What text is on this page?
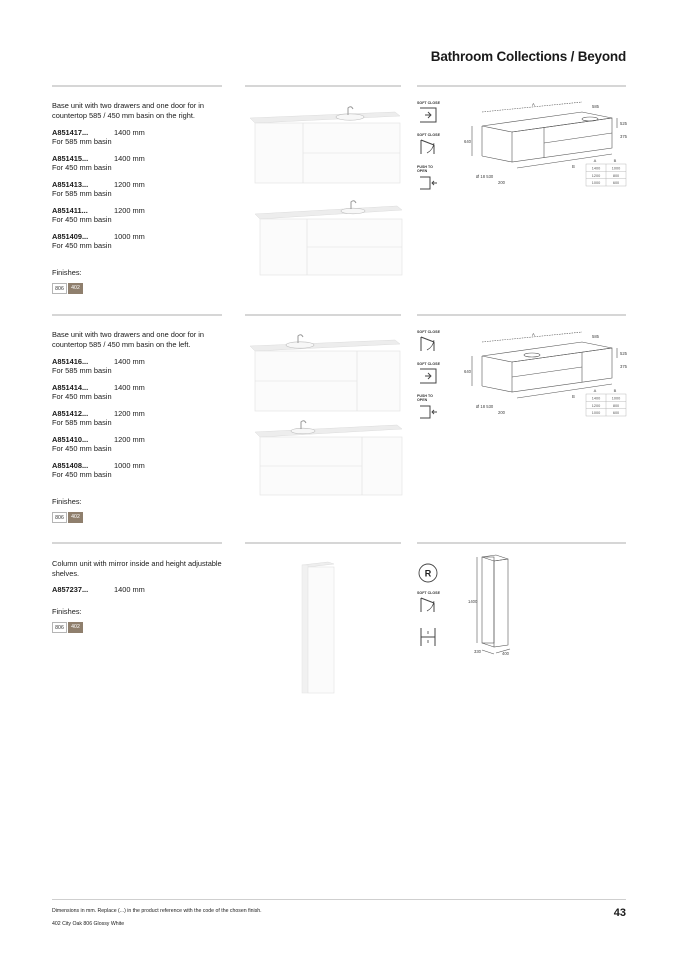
Bathroom Collections / Beyond
Base unit with two drawers and one door for in countertop 585 / 450 mm basin on the right.
A851417...	1400 mm
For 585 mm basin
A851415...	1400 mm
For 450 mm basin
A851413...	1200 mm
For 585 mm basin
A851411...	1200 mm
For 450 mm basin
A851409...	1000 mm
For 450 mm basin
Finishes:
806	402
SOFT CLOSE
SOFT CLOSE
PUSH TO OPEN
A	585
525
640
Ø 18 530
200
B
375
A	B
1400	1000
1200	800
1000	600
Base unit with two drawers and one door for in countertop 585 / 450 mm basin on the left.
A851416...	1400 mm
For 585 mm basin
A851414...	1400 mm
For 450 mm basin
A851412...	1200 mm
For 585 mm basin
A851410...	1200 mm
For 450 mm basin
A851408...	1000 mm
For 450 mm basin
Finishes:
806	402
SOFT CLOSE
SOFT CLOSE
PUSH TO OPEN
A	585
525
640
Ø 18 530
200
B
375
A	B
1400	1000
1200	800
1000	600
Column unit with mirror inside and height adjustable shelves.
A857237...	1400 mm
Finishes:
806	402
R
SOFT CLOSE
1400
330	400
Dimensions in mm. Replace (...) in the product reference with the code of the chosen finish.
402 City Oak 806 Glossy White
43
